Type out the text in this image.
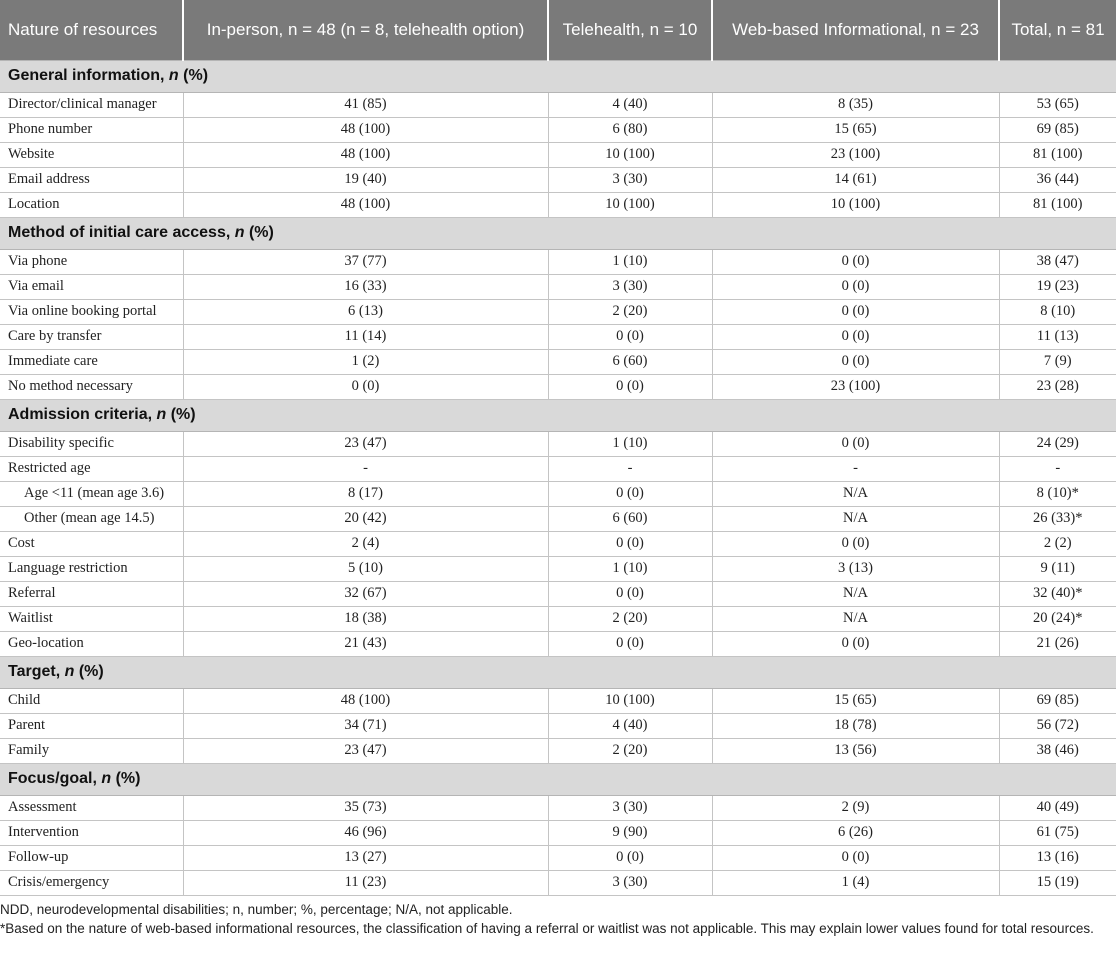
Nature of resources	In-person, n = 48 (n = 8, telehealth option)	Telehealth, n = 10	Web-based Informational, n = 23	Total, n = 81
General information, n (%)				
Director/clinical manager	41 (85)	4 (40)	8 (35)	53 (65)
Phone number	48 (100)	6 (80)	15 (65)	69 (85)
Website	48 (100)	10 (100)	23 (100)	81 (100)
Email address	19 (40)	3 (30)	14 (61)	36 (44)
Location	48 (100)	10 (100)	10 (100)	81 (100)
Method of initial care access, n (%)				
Via phone	37 (77)	1 (10)	0 (0)	38 (47)
Via email	16 (33)	3 (30)	0 (0)	19 (23)
Via online booking portal	6 (13)	2 (20)	0 (0)	8 (10)
Care by transfer	11 (14)	0 (0)	0 (0)	11 (13)
Immediate care	1 (2)	6 (60)	0 (0)	7 (9)
No method necessary	0 (0)	0 (0)	23 (100)	23 (28)
Admission criteria, n (%)				
Disability specific	23 (47)	1 (10)	0 (0)	24 (29)
Restricted age	-	-	-	-
Age <11 (mean age 3.6)	8 (17)	0 (0)	N/A	8 (10)*
Other (mean age 14.5)	20 (42)	6 (60)	N/A	26 (33)*
Cost	2 (4)	0 (0)	0 (0)	2 (2)
Language restriction	5 (10)	1 (10)	3 (13)	9 (11)
Referral	32 (67)	0 (0)	N/A	32 (40)*
Waitlist	18 (38)	2 (20)	N/A	20 (24)*
Geo-location	21 (43)	0 (0)	0 (0)	21 (26)
Target, n (%)				
Child	48 (100)	10 (100)	15 (65)	69 (85)
Parent	34 (71)	4 (40)	18 (78)	56 (72)
Family	23 (47)	2 (20)	13 (56)	38 (46)
Focus/goal, n (%)				
Assessment	35 (73)	3 (30)	2 (9)	40 (49)
Intervention	46 (96)	9 (90)	6 (26)	61 (75)
Follow-up	13 (27)	0 (0)	0 (0)	13 (16)
Crisis/emergency	11 (23)	3 (30)	1 (4)	15 (19)

NDD, neurodevelopmental disabilities; n, number; %, percentage; N/A, not applicable.

*Based on the nature of web-based informational resources, the classification of having a referral or waitlist was not applicable. This may explain lower values found for total resources.
